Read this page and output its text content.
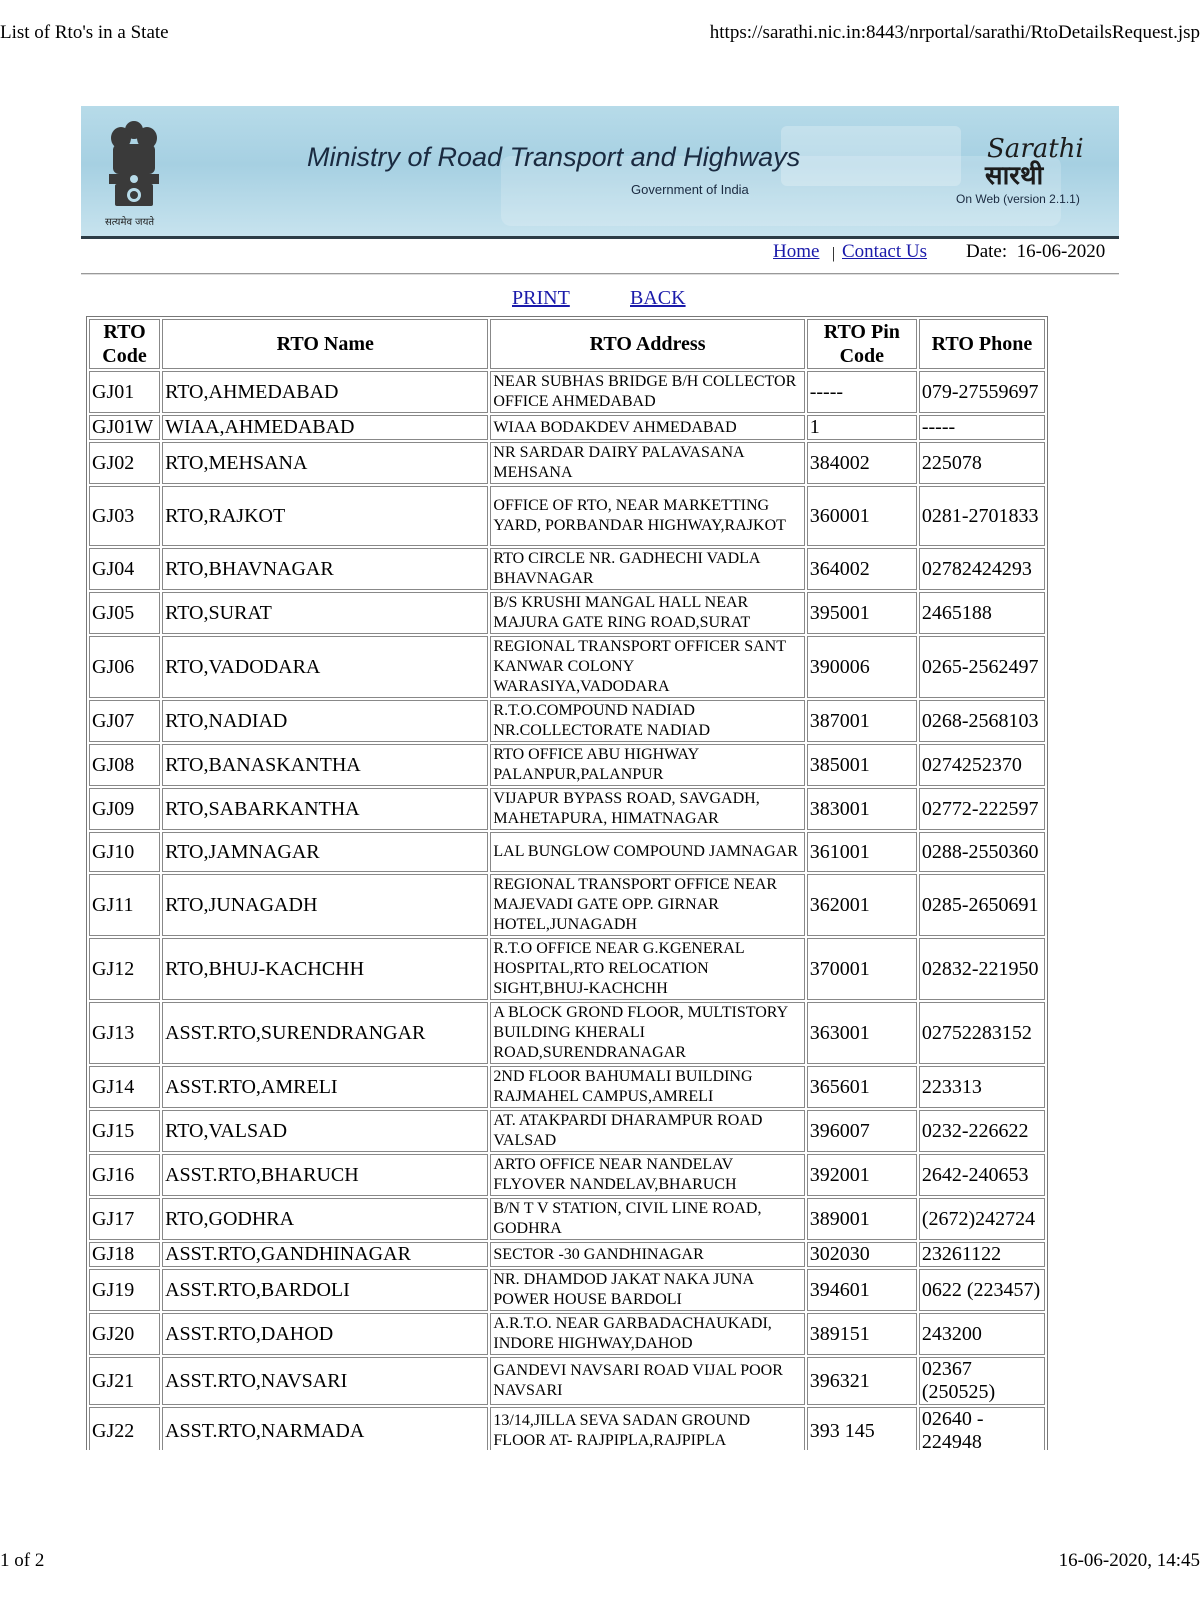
List of Rto's in a State	https://sarathi.nic.in:8443/nrportal/sarathi/RtoDetailsRequest.jsp
सत्यमेव जयते
Ministry of Road Transport and Highways
Government of India
Sarathi
सारथी
On Web (version 2.1.1)
Home | Contact Us Date: 16-06-2020
PRINT	BACK
RTO Code	RTO Name	RTO Address	RTO Pin Code	RTO Phone
GJ01	RTO,AHMEDABAD	NEAR SUBHAS BRIDGE B/H COLLECTOR OFFICE AHMEDABAD	-----	079-27559697
GJ01W	WIAA,AHMEDABAD	WIAA BODAKDEV AHMEDABAD	1	-----
GJ02	RTO,MEHSANA	NR SARDAR DAIRY PALAVASANA MEHSANA	384002	225078
GJ03	RTO,RAJKOT	OFFICE OF RTO, NEAR MARKETTING YARD, PORBANDAR HIGHWAY,RAJKOT	360001	0281-2701833
GJ04	RTO,BHAVNAGAR	RTO CIRCLE NR. GADHECHI VADLA BHAVNAGAR	364002	02782424293
GJ05	RTO,SURAT	B/S KRUSHI MANGAL HALL NEAR MAJURA GATE RING ROAD,SURAT	395001	2465188
GJ06	RTO,VADODARA	REGIONAL TRANSPORT OFFICER SANT KANWAR COLONY WARASIYA,VADODARA	390006	0265-2562497
GJ07	RTO,NADIAD	R.T.O.COMPOUND NADIAD NR.COLLECTORATE NADIAD	387001	0268-2568103
GJ08	RTO,BANASKANTHA	RTO OFFICE ABU HIGHWAY PALANPUR,PALANPUR	385001	0274252370
GJ09	RTO,SABARKANTHA	VIJAPUR BYPASS ROAD, SAVGADH, MAHETAPURA, HIMATNAGAR	383001	02772-222597
GJ10	RTO,JAMNAGAR	LAL BUNGLOW COMPOUND JAMNAGAR	361001	0288-2550360
GJ11	RTO,JUNAGADH	REGIONAL TRANSPORT OFFICE NEAR MAJEVADI GATE OPP. GIRNAR HOTEL,JUNAGADH	362001	0285-2650691
GJ12	RTO,BHUJ-KACHCHH	R.T.O OFFICE NEAR G.KGENERAL HOSPITAL,RTO RELOCATION SIGHT,BHUJ-KACHCHH	370001	02832-221950
GJ13	ASST.RTO,SURENDRANGAR	A BLOCK GROND FLOOR, MULTISTORY BUILDING KHERALI ROAD,SURENDRANAGAR	363001	02752283152
GJ14	ASST.RTO,AMRELI	2ND FLOOR BAHUMALI BUILDING RAJMAHEL CAMPUS,AMRELI	365601	223313
GJ15	RTO,VALSAD	AT. ATAKPARDI DHARAMPUR ROAD VALSAD	396007	0232-226622
GJ16	ASST.RTO,BHARUCH	ARTO OFFICE NEAR NANDELAV FLYOVER NANDELAV,BHARUCH	392001	2642-240653
GJ17	RTO,GODHRA	B/N T V STATION, CIVIL LINE ROAD, GODHRA	389001	(2672)242724
GJ18	ASST.RTO,GANDHINAGAR	SECTOR -30 GANDHINAGAR	302030	23261122
GJ19	ASST.RTO,BARDOLI	NR. DHAMDOD JAKAT NAKA JUNA POWER HOUSE BARDOLI	394601	0622 (223457)
GJ20	ASST.RTO,DAHOD	A.R.T.O. NEAR GARBADACHAUKADI, INDORE HIGHWAY,DAHOD	389151	243200
GJ21	ASST.RTO,NAVSARI	GANDEVI NAVSARI ROAD VIJAL POOR NAVSARI	396321	02367 (250525)
GJ22	ASST.RTO,NARMADA	13/14,JILLA SEVA SADAN GROUND FLOOR AT- RAJPIPLA,RAJPIPLA	393 145	02640 - 224948
1 of 2	16-06-2020, 14:45
